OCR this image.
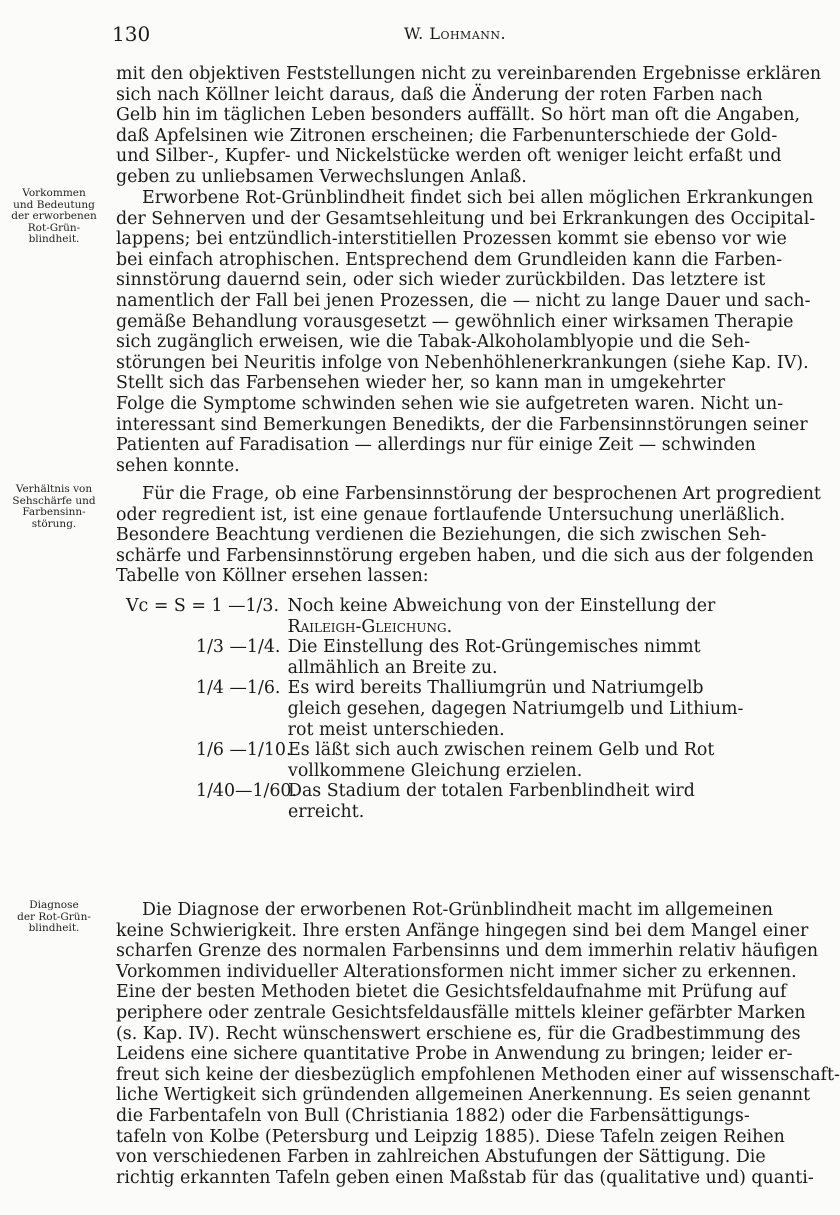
130	W. Lohmann.
mit den objektiven Feststellungen nicht zu vereinbarenden Ergebnisse erklären
sich nach Köllner leicht daraus, daß die Änderung der roten Farben nach
Gelb hin im täglichen Leben besonders auffällt. So hört man oft die Angaben,
daß Apfelsinen wie Zitronen erscheinen; die Farbenunterschiede der Gold-
und Silber-, Kupfer- und Nickelstücke werden oft weniger leicht erfaßt und
geben zu unliebsamen Verwechslungen Anlaß.
Vorkommen
und Bedeutung
der erworbenen
Rot-Grün-
blindheit.
Erworbene Rot-Grünblindheit findet sich bei allen möglichen Erkrankungen
der Sehnerven und der Gesamtsehleitung und bei Erkrankungen des Occipital-
lappens; bei entzündlich-interstitiellen Prozessen kommt sie ebenso vor wie
bei einfach atrophischen. Entsprechend dem Grundleiden kann die Farben-
sinnstörung dauernd sein, oder sich wieder zurückbilden. Das letztere ist
namentlich der Fall bei jenen Prozessen, die — nicht zu lange Dauer und sach-
gemäße Behandlung vorausgesetzt — gewöhnlich einer wirksamen Therapie
sich zugänglich erweisen, wie die Tabak-Alkoholamblyopie und die Seh-
störungen bei Neuritis infolge von Nebenhöhlenerkrankungen (siehe Kap. IV).
Stellt sich das Farbensehen wieder her, so kann man in umgekehrter
Folge die Symptome schwinden sehen wie sie aufgetreten waren. Nicht un-
interessant sind Bemerkungen Benedikts, der die Farbensinnstörungen seiner
Patienten auf Faradisation — allerdings nur für einige Zeit — schwinden
sehen konnte.
Verhältnis von
Sehschärfe und
Farbensinn-
störung.
Für die Frage, ob eine Farbensinnstörung der besprochenen Art progredient
oder regredient ist, ist eine genaue fortlaufende Untersuchung unerläßlich.
Besondere Beachtung verdienen die Beziehungen, die sich zwischen Seh-
schärfe und Farbensinnstörung ergeben haben, und die sich aus der folgenden
Tabelle von Köllner ersehen lassen:
Vc = S = 1 —1/3. Noch keine Abweichung von der Einstellung der
Raileigh-Gleichung.
1/3 —1/4. Die Einstellung des Rot-Grüngemisches nimmt
allmählich an Breite zu.
1/4 —1/6. Es wird bereits Thalliumgrün und Natriumgelb
gleich gesehen, dagegen Natriumgelb und Lithium-
rot meist unterschieden.
1/6 —1/10.
Es läßt sich auch zwischen reinem Gelb und Rot
vollkommene Gleichung erzielen.
1/40—1/60.
Das Stadium der totalen Farbenblindheit wird
erreicht.
Diagnose
der Rot-Grün-
blindheit.
Die Diagnose der erworbenen Rot-Grünblindheit macht im allgemeinen
keine Schwierigkeit. Ihre ersten Anfänge hingegen sind bei dem Mangel einer
scharfen Grenze des normalen Farbensinns und dem immerhin relativ häufigen
Vorkommen individueller Alterationsformen nicht immer sicher zu erkennen.
Eine der besten Methoden bietet die Gesichtsfeldaufnahme mit Prüfung auf
periphere oder zentrale Gesichtsfeldausfälle mittels kleiner gefärbter Marken
(s. Kap. IV). Recht wünschenswert erschiene es, für die Gradbestimmung des
Leidens eine sichere quantitative Probe in Anwendung zu bringen; leider er-
freut sich keine der diesbezüglich empfohlenen Methoden einer auf wissenschaft-
liche Wertigkeit sich gründenden allgemeinen Anerkennung. Es seien genannt
die Farbentafeln von Bull (Christiania 1882) oder die Farbensättigungs-
tafeln von Kolbe (Petersburg und Leipzig 1885). Diese Tafeln zeigen Reihen
von verschiedenen Farben in zahlreichen Abstufungen der Sättigung. Die
richtig erkannten Tafeln geben einen Maßstab für das (qualitative und) quanti-
